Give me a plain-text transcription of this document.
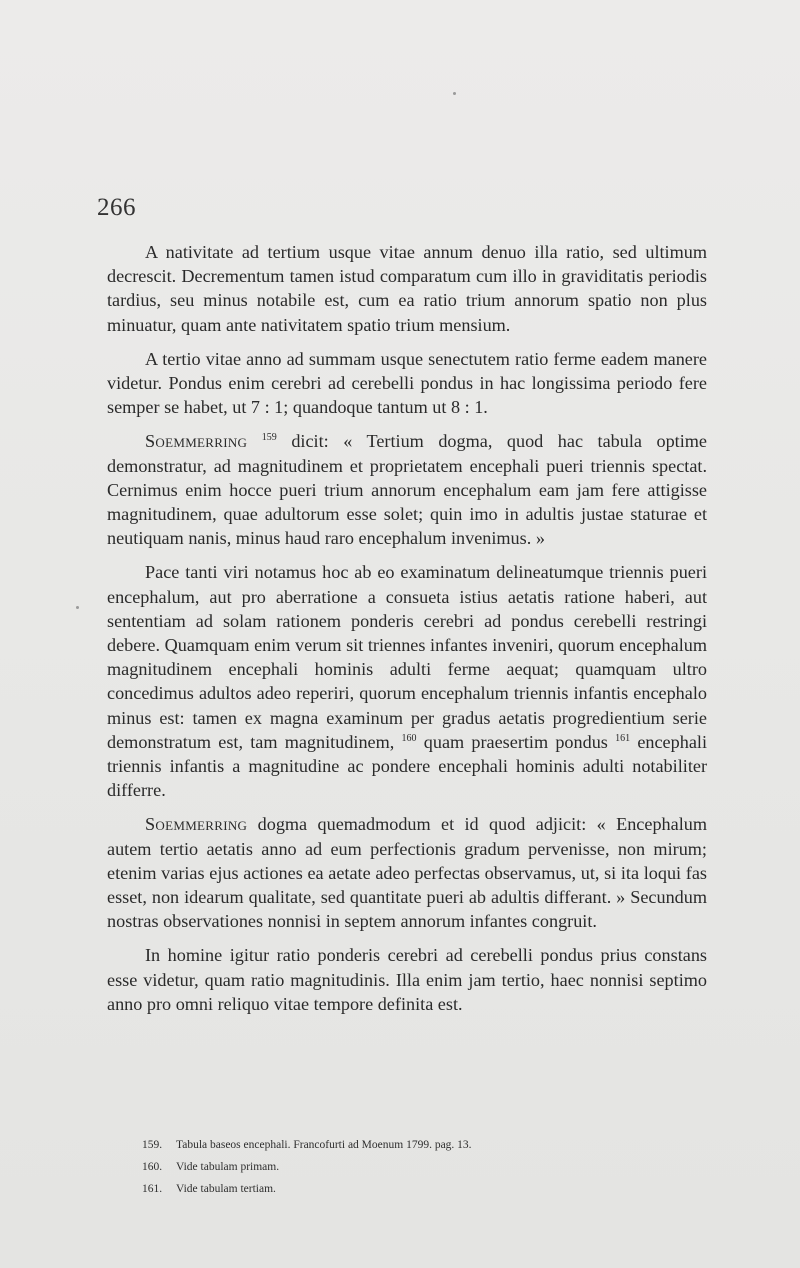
266

A nativitate ad tertium usque vitae annum denuo illa ratio, sed ultimum decrescit. Decrementum tamen istud comparatum cum illo in graviditatis periodis tardius, seu minus notabile est, cum ea ratio trium annorum spatio non plus minuatur, quam ante nativitatem spatio trium mensium.

A tertio vitae anno ad summam usque senectutem ratio ferme eadem manere videtur. Pondus enim cerebri ad cerebelli pondus in hac longissima periodo fere semper se habet, ut 7 : 1; quandoque tantum ut 8 : 1.

Soemmerring $^{159}$ dicit: « Tertium dogma, quod hac tabula optime demonstratur, ad magnitudinem et proprietatem encephali pueri triennis spectat. Cernimus enim hocce pueri trium annorum encephalum eam jam fere attigisse magnitudinem, quae adultorum esse solet; quin imo in adultis justae staturae et neutiquam nanis, minus haud raro encephalum invenimus. »

Pace tanti viri notamus hoc ab eo examinatum delineatumque triennis pueri encephalum, aut pro aberratione a consueta istius aetatis ratione haberi, aut sententiam ad solam rationem ponderis cerebri ad pondus cerebelli restringi debere. Quamquam enim verum sit triennes infantes inveniri, quorum encephalum magnitudinem encephali hominis adulti ferme aequat; quamquam ultro concedimus adultos adeo reperiri, quorum encephalum triennis infantis encephalo minus est: tamen ex magna examinum per gradus aetatis progredientium serie demonstratum est, tam magnitudinem, $^{160}$ quam praesertim pondus $^{161}$ encephali triennis infantis a magnitudine ac pondere encephali hominis adulti notabiliter differre.

Soemmerring dogma quemadmodum et id quod adjicit: « Encephalum autem tertio aetatis anno ad eum perfectionis gradum pervenisse, non mirum; etenim varias ejus actiones ea aetate adeo perfectas observamus, ut, si ita loqui fas esset, non idearum qualitate, sed quantitate pueri ab adultis differant. » Secundum nostras observationes nonnisi in septem annorum infantes congruit.

In homine igitur ratio ponderis cerebri ad cerebelli pondus prius constans esse videtur, quam ratio magnitudinis. Illa enim jam tertio, haec nonnisi septimo anno pro omni reliquo vitae tempore definita est.

159.	Tabula baseos encephali. Francofurti ad Moenum 1799. pag. 13.
160.	Vide tabulam primam.
161.	Vide tabulam tertiam.
